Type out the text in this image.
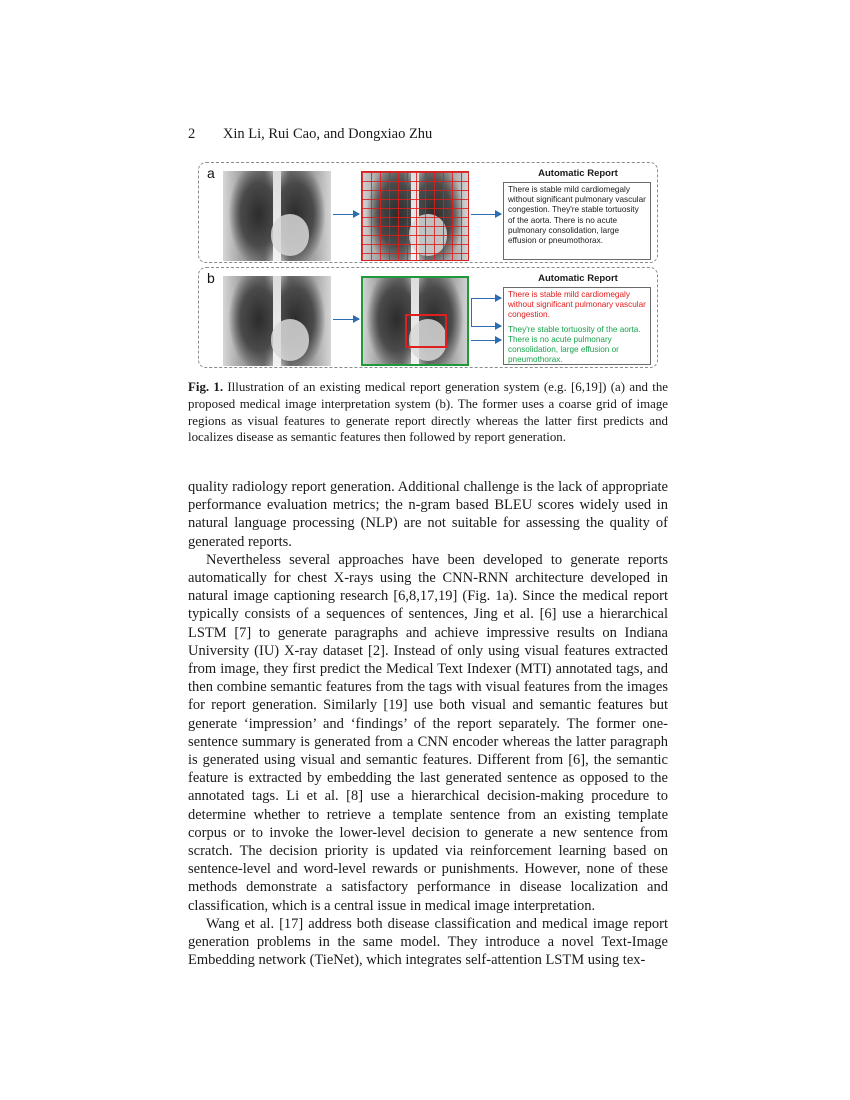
2 Xin Li, Rui Cao, and Dongxiao Zhu
a	Automatic Report
There is stable mild cardiomegaly without significant pulmonary vascular congestion. They're stable tortuosity of the aorta. There is no acute pulmonary consolidation, large effusion or pneumothorax.
b	Automatic Report
There is stable mild cardiomegaly without significant pulmonary vascular congestion.
They're stable tortuosity of the aorta. There is no acute pulmonary consolidation, large effusion or pneumothorax.
Fig. 1. Illustration of an existing medical report generation system (e.g. [6,19]) (a) and the proposed medical image interpretation system (b). The former uses a coarse grid of image regions as visual features to generate report directly whereas the latter first predicts and localizes disease as semantic features then followed by report generation.

quality radiology report generation. Additional challenge is the lack of appropriate performance evaluation metrics; the n-gram based BLEU scores widely used in natural language processing (NLP) are not suitable for assessing the quality of generated reports.

Nevertheless several approaches have been developed to generate reports automatically for chest X-rays using the CNN-RNN architecture developed in natural image captioning research [6,8,17,19] (Fig. 1a). Since the medical report typically consists of a sequences of sentences, Jing et al. [6] use a hierarchical LSTM [7] to generate paragraphs and achieve impressive results on Indiana University (IU) X-ray dataset [2]. Instead of only using visual features extracted from image, they first predict the Medical Text Indexer (MTI) annotated tags, and then combine semantic features from the tags with visual features from the images for report generation. Similarly [19] use both visual and semantic features but generate ‘impression’ and ‘findings’ of the report separately. The former one-sentence summary is generated from a CNN encoder whereas the latter paragraph is generated using visual and semantic features. Different from [6], the semantic feature is extracted by embedding the last generated sentence as opposed to the annotated tags. Li et al. [8] use a hierarchical decision-making procedure to determine whether to retrieve a template sentence from an existing template corpus or to invoke the lower-level decision to generate a new sentence from scratch. The decision priority is updated via reinforcement learning based on sentence-level and word-level rewards or punishments. However, none of these methods demonstrate a satisfactory performance in disease localization and classification, which is a central issue in medical image interpretation.

Wang et al. [17] address both disease classification and medical image report generation problems in the same model. They introduce a novel Text-Image Embedding network (TieNet), which integrates self-attention LSTM using tex-
